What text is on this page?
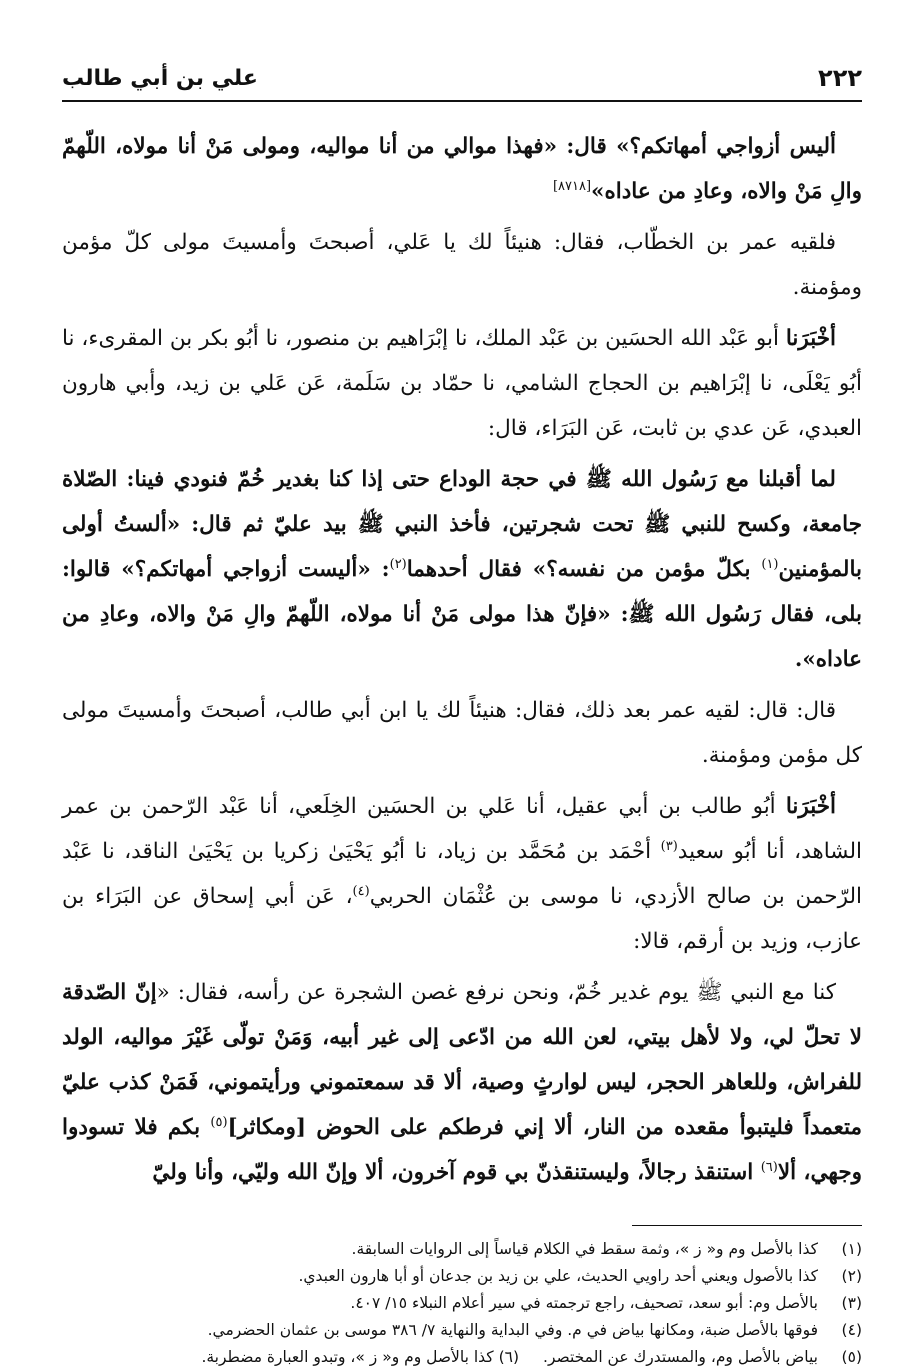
٢٢٢
علي بن أبي طالب

أليس أزواجي أمهاتكم؟» قال: «فهذا موالي من أنا مواليه، ومولى مَنْ أنا مولاه، اللّهمّ والِ مَنْ والاه، وعادِ من عاداه»[٨٧١٨]

فلقيه عمر بن الخطّاب، فقال: هنيئاً لك يا عَلي، أصبحتَ وأمسيتَ مولى كلّ مؤمن ومؤمنة.

أخْبَرَنا أبو عَبْد الله الحسَين بن عَبْد الملك، نا إبْرَاهيم بن منصور، نا أبُو بكر بن المقرىء، نا أبُو يَعْلَى، نا إبْرَاهيم بن الحجاج الشامي، نا حمّاد بن سَلَمة، عَن عَلي بن زيد، وأبي هارون العبدي، عَن عدي بن ثابت، عَن البَرَاء، قال:

لما أقبلنا مع رَسُول الله ﷺ في حجة الوداع حتى إذا كنا بغدير خُمّ فنودي فينا: الصّلاة جامعة، وكسح للنبي ﷺ تحت شجرتين، فأخذ النبي ﷺ بيد عليّ ثم قال: «ألستُ أولى بالمؤمنين$^{(١)}$ بكلّ مؤمن من نفسه؟» فقال أحدهما$^{(٢)}$: «أليست أزواجي أمهاتكم؟» قالوا: بلى، فقال رَسُول الله ﷺ: «فإنّ هذا مولى مَنْ أنا مولاه، اللّهمّ والِ مَنْ والاه، وعادِ من عاداه».

قال: قال: لقيه عمر بعد ذلك، فقال: هنيئاً لك يا ابن أبي طالب، أصبحتَ وأمسيتَ مولى كل مؤمن ومؤمنة.

أخْبَرَنا أبُو طالب بن أبي عقيل، أنا عَلي بن الحسَين الخِلَعي، أنا عَبْد الرّحمن بن عمر الشاهد، أنا أبُو سعيد$^{(٣)}$ أحْمَد بن مُحَمَّد بن زياد، نا أبُو يَحْيَىٰ زكريا بن يَحْيَىٰ الناقد، نا عَبْد الرّحمن بن صالح الأزدي، نا موسى بن عُثْمَان الحربي$^{(٤)}$، عَن أبي إسحاق عن البَرَاء بن عازب، وزيد بن أرقم، قالا:

كنا مع النبي ﷺ يوم غدير خُمّ، ونحن نرفع غصن الشجرة عن رأسه، فقال: «إنّ الصّدقة لا تحلّ لي، ولا لأهل بيتي، لعن الله من ادّعى إلى غير أبيه، وَمَنْ تولّى غَيْرَ مواليه، الولد للفراش، وللعاهر الحجر، ليس لوارثٍ وصية، ألا قد سمعتموني ورأيتموني، فَمَنْ كذب عليّ متعمداً فليتبوأ مقعده من النار، ألا إني فرطكم على الحوض [ومكاثر]$^{(٥)}$ بكم فلا تسودوا وجهي، ألا$^{(٦)}$ استنقذ رجالاً، وليستنقذنّ بي قوم آخرون، ألا وإنّ الله وليّي، وأنا وليّ

(١)
كذا بالأصل وم و« ز »، وثمة سقط في الكلام قياساً إلى الروايات السابقة.
(٢)
كذا بالأصول ويعني أحد راويي الحديث، علي بن زيد بن جدعان أو أبا هارون العبدي.
(٣)
بالأصل وم: أبو سعد، تصحيف، راجع ترجمته في سير أعلام النبلاء ١٥/ ٤٠٧.
(٤)
فوقها بالأصل ضبة، ومكانها بياض في م. وفي البداية والنهاية ٧/ ٣٨٦ موسى بن عثمان الحضرمي.
(٥)
بياض بالأصل وم، والمستدرك عن المختصر.(٦) كذا بالأصل وم و« ز »، وتبدو العبارة مضطربة.
